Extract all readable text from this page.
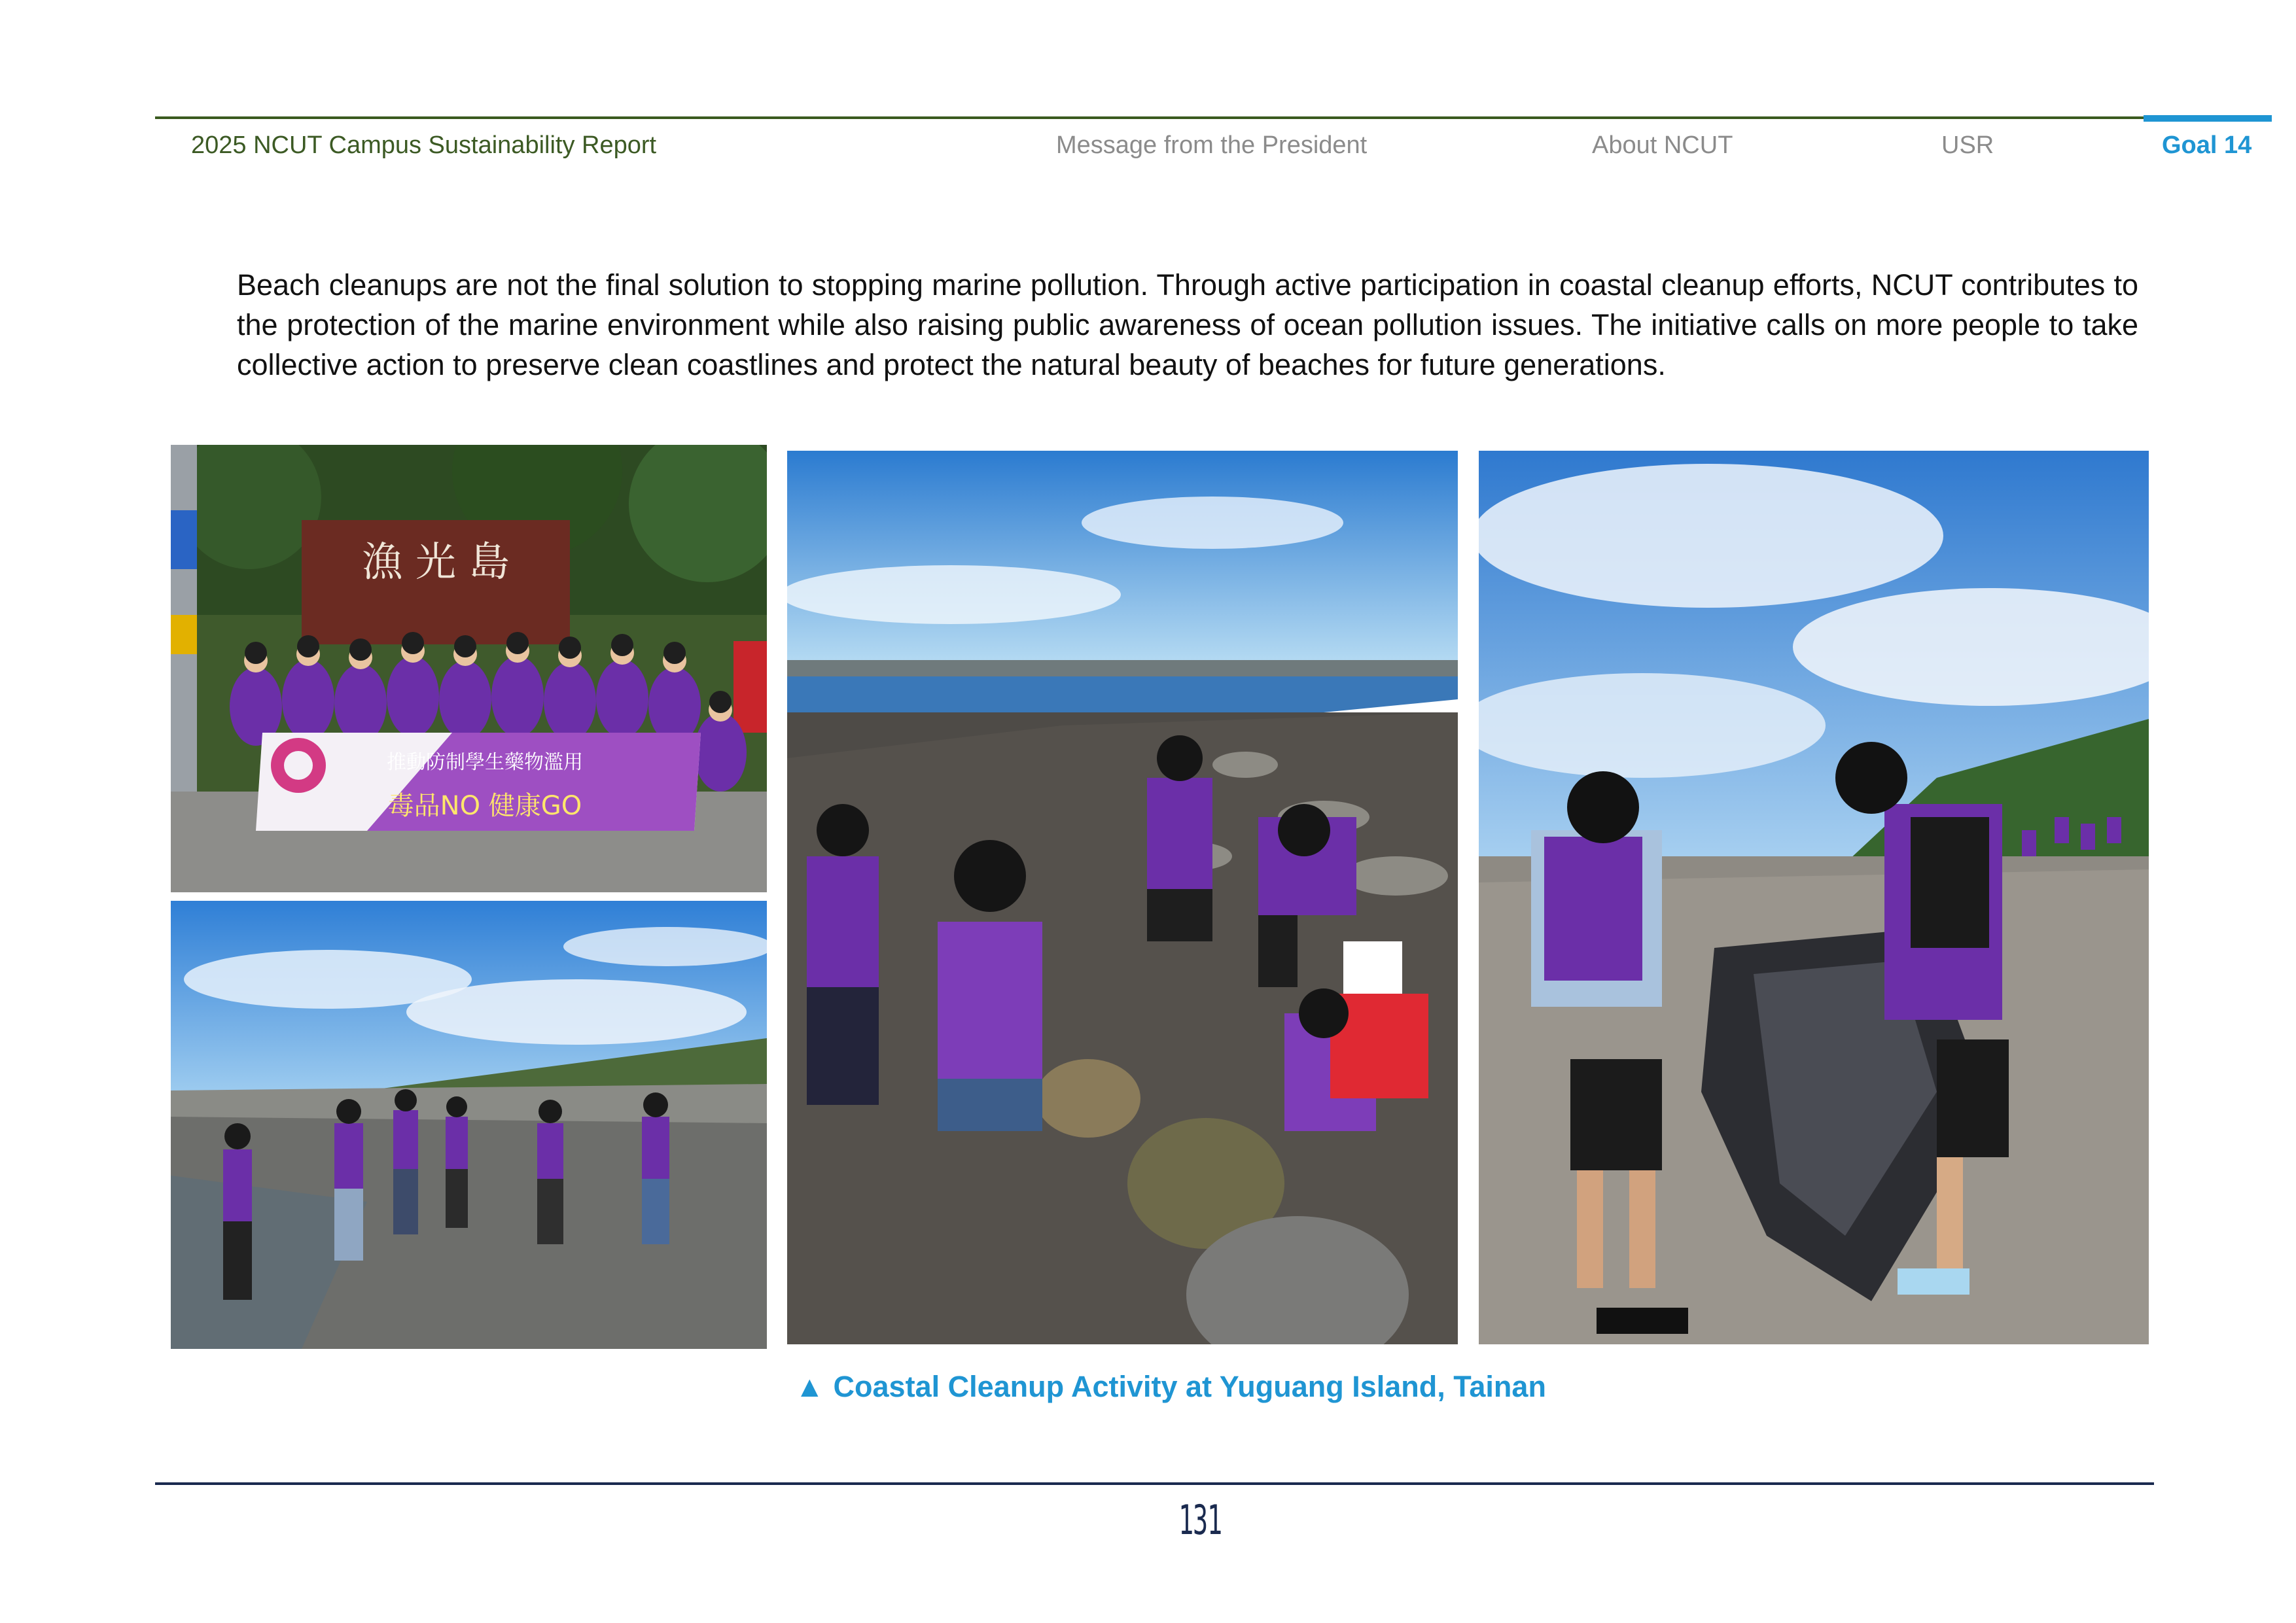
2025 NCUT Campus Sustainability Report	Message from the President	About NCUT	USR	Goal 14
Beach cleanups are not the final solution to stopping marine pollution. Through active participation in coastal cleanup efforts, NCUT contributes to the protection of the marine environment while also raising public awareness of ocean pollution issues. The initiative calls on more people to take collective action to preserve clean coastlines and protect the natural beauty of beaches for future generations.
漁 光 島
推動防制學生藥物濫用
毒品NO 健康GO
▲ Coastal Cleanup Activity at Yuguang Island, Tainan
131
